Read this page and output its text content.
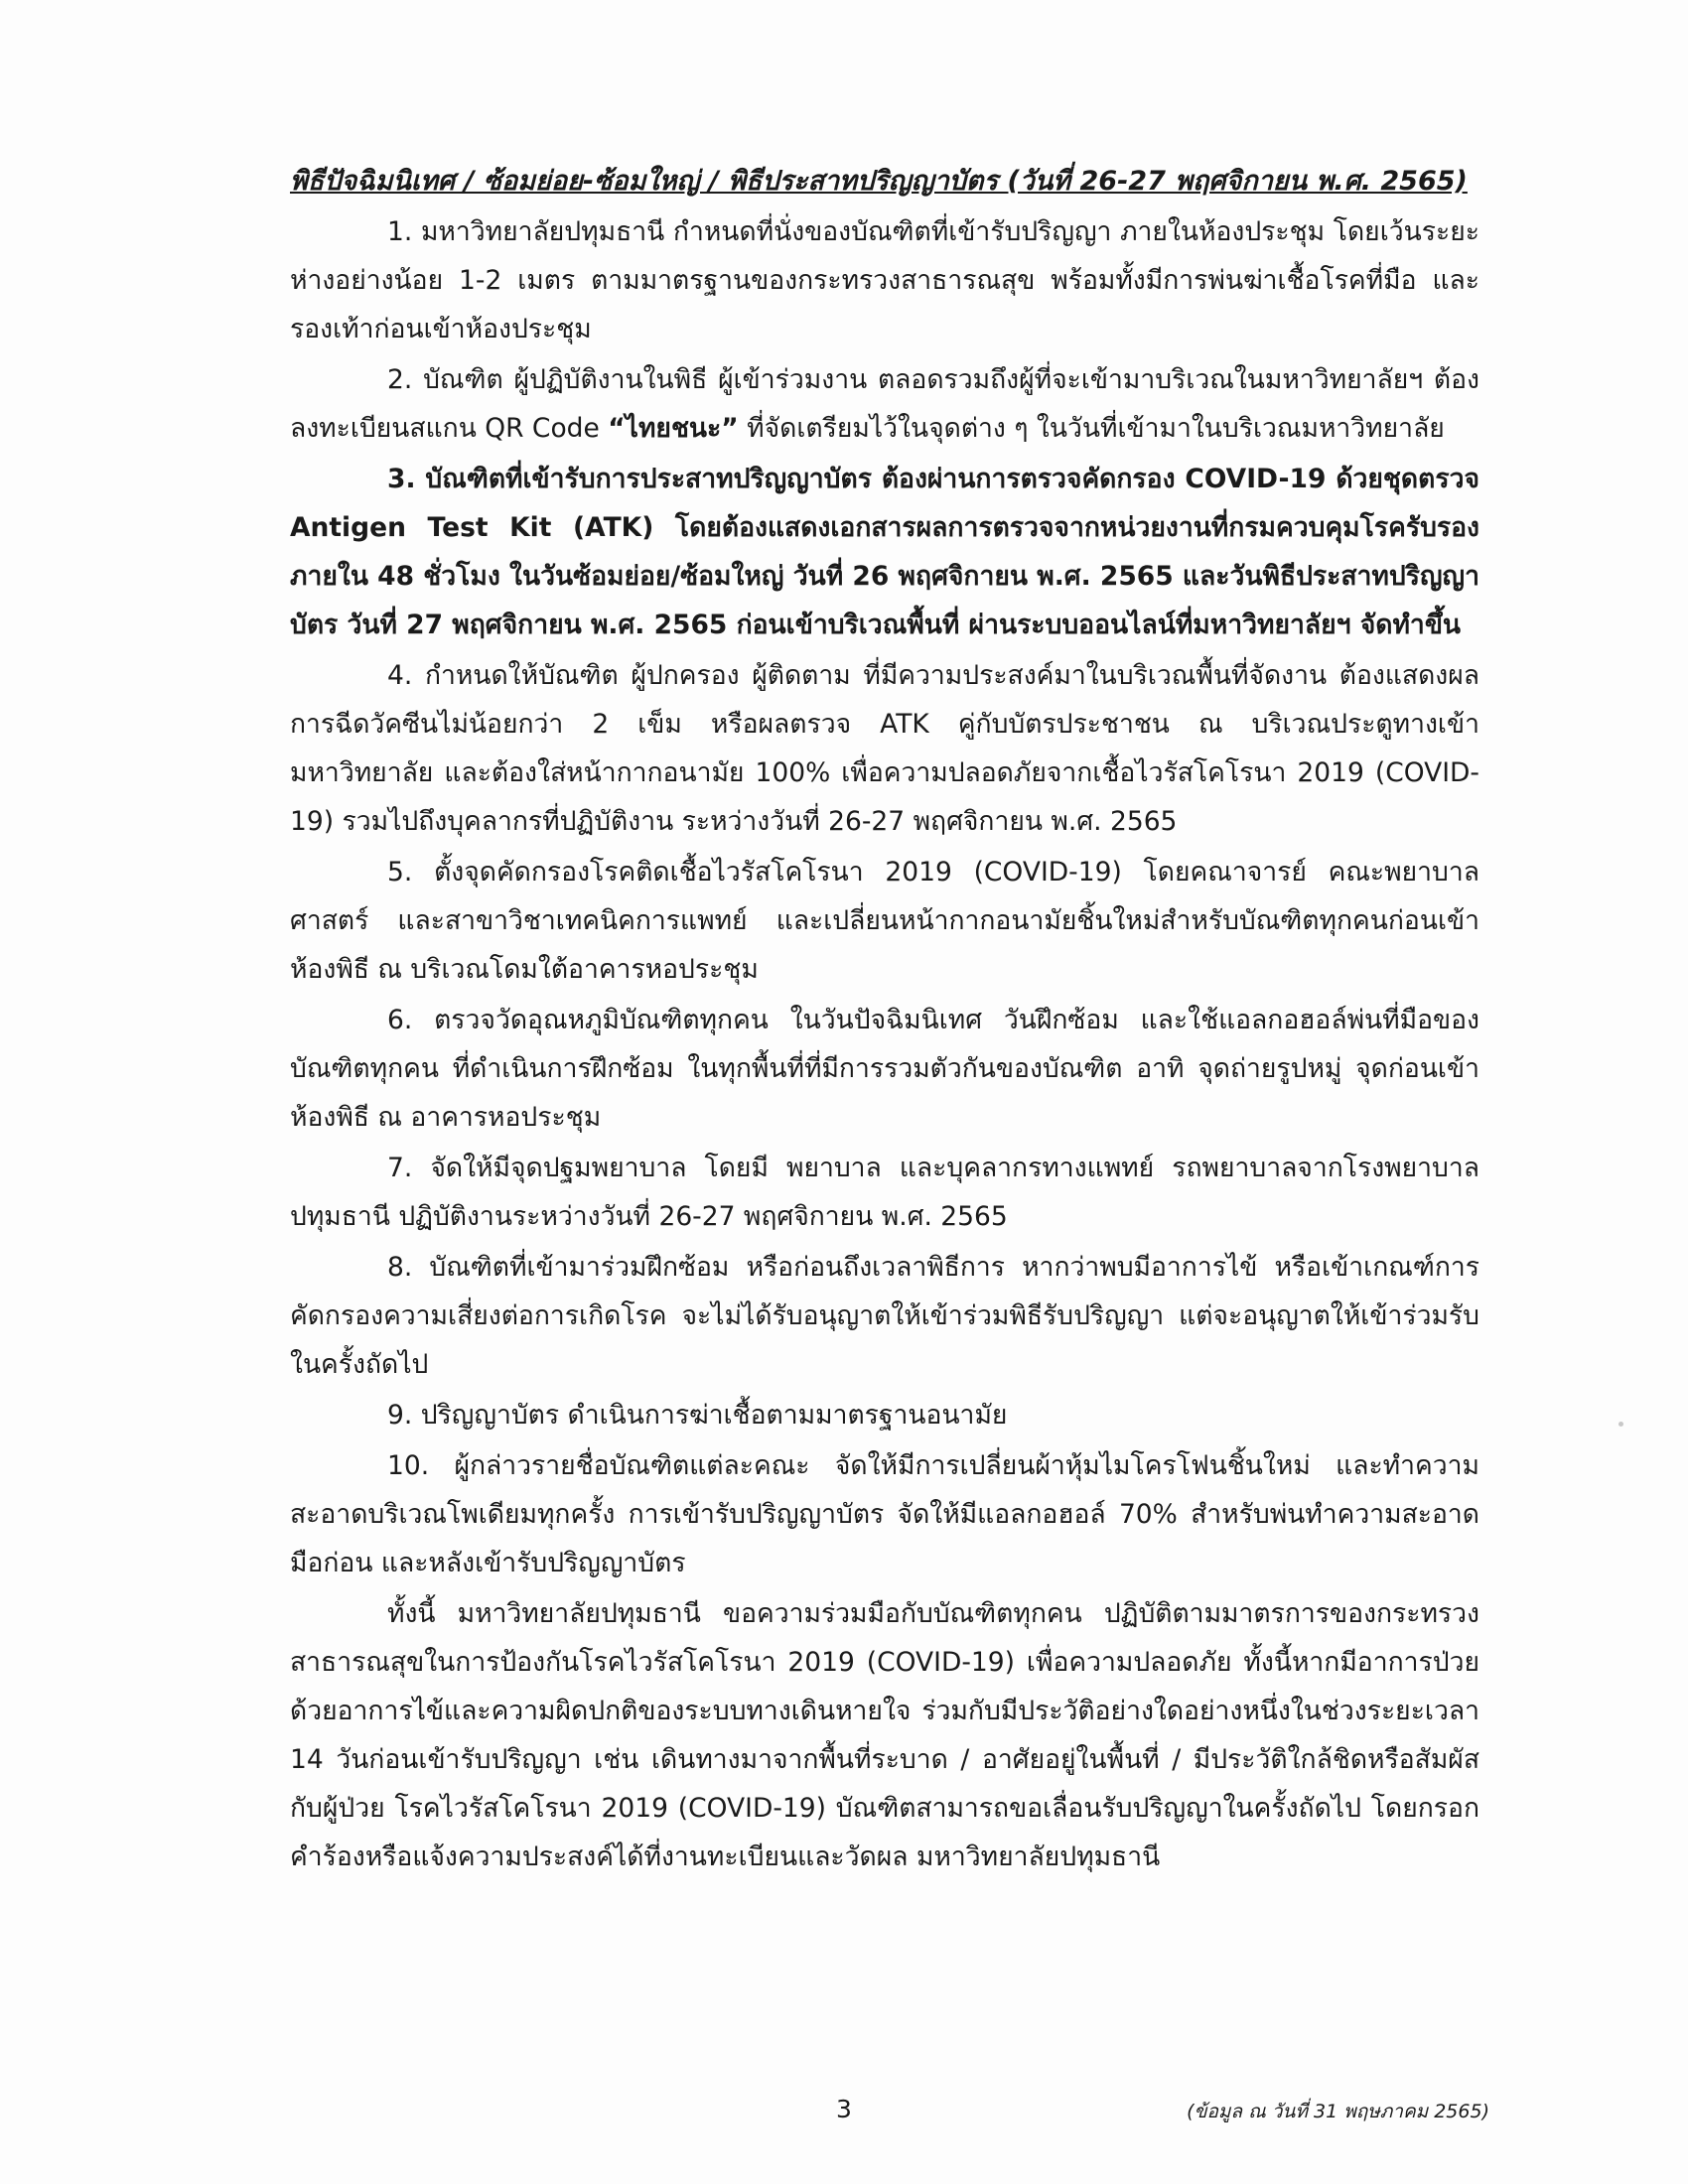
พิธีปัจฉิมนิเทศ / ซ้อมย่อย-ซ้อมใหญ่ / พิธีประสาทปริญญาบัตร (วันที่ 26-27 พฤศจิกายน พ.ศ. 2565)

1. มหาวิทยาลัยปทุมธานี กำหนดที่นั่งของบัณฑิตที่เข้ารับปริญญา ภายในห้องประชุม โดยเว้นระยะห่างอย่างน้อย 1-2 เมตร ตามมาตรฐานของกระทรวงสาธารณสุข พร้อมทั้งมีการพ่นฆ่าเชื้อโรคที่มือ และรองเท้าก่อนเข้าห้องประชุม

2. บัณฑิต ผู้ปฏิบัติงานในพิธี ผู้เข้าร่วมงาน ตลอดรวมถึงผู้ที่จะเข้ามาบริเวณในมหาวิทยาลัยฯ ต้องลงทะเบียนสแกน QR Code “ไทยชนะ” ที่จัดเตรียมไว้ในจุดต่าง ๆ ในวันที่เข้ามาในบริเวณมหาวิทยาลัย

3. บัณฑิตที่เข้ารับการประสาทปริญญาบัตร ต้องผ่านการตรวจคัดกรอง COVID-19 ด้วยชุดตรวจ Antigen Test Kit (ATK) โดยต้องแสดงเอกสารผลการตรวจจากหน่วยงานที่กรมควบคุมโรครับรองภายใน 48 ชั่วโมง ในวันซ้อมย่อย/ซ้อมใหญ่ วันที่ 26 พฤศจิกายน พ.ศ. 2565 และวันพิธีประสาทปริญญาบัตร วันที่ 27 พฤศจิกายน พ.ศ. 2565 ก่อนเข้าบริเวณพื้นที่ ผ่านระบบออนไลน์ที่มหาวิทยาลัยฯ จัดทำขึ้น

4. กำหนดให้บัณฑิต ผู้ปกครอง ผู้ติดตาม ที่มีความประสงค์มาในบริเวณพื้นที่จัดงาน ต้องแสดงผลการฉีดวัคซีนไม่น้อยกว่า 2 เข็ม หรือผลตรวจ ATK คู่กับบัตรประชาชน ณ บริเวณประตูทางเข้ามหาวิทยาลัย และต้องใส่หน้ากากอนามัย 100% เพื่อความปลอดภัยจากเชื้อไวรัสโคโรนา 2019 (COVID-19) รวมไปถึงบุคลากรที่ปฏิบัติงาน ระหว่างวันที่ 26-27 พฤศจิกายน พ.ศ. 2565

5. ตั้งจุดคัดกรองโรคติดเชื้อไวรัสโคโรนา 2019 (COVID-19) โดยคณาจารย์ คณะพยาบาลศาสตร์ และสาขาวิชาเทคนิคการแพทย์ และเปลี่ยนหน้ากากอนามัยชิ้นใหม่สำหรับบัณฑิตทุกคนก่อนเข้าห้องพิธี ณ บริเวณโดมใต้อาคารหอประชุม

6. ตรวจวัดอุณหภูมิบัณฑิตทุกคน ในวันปัจฉิมนิเทศ วันฝึกซ้อม และใช้แอลกอฮอล์พ่นที่มือของบัณฑิตทุกคน ที่ดำเนินการฝึกซ้อม ในทุกพื้นที่ที่มีการรวมตัวกันของบัณฑิต อาทิ จุดถ่ายรูปหมู่ จุดก่อนเข้าห้องพิธี ณ อาคารหอประชุม

7. จัดให้มีจุดปฐมพยาบาล โดยมี พยาบาล และบุคลากรทางแพทย์ รถพยาบาลจากโรงพยาบาลปทุมธานี ปฏิบัติงานระหว่างวันที่ 26-27 พฤศจิกายน พ.ศ. 2565

8. บัณฑิตที่เข้ามาร่วมฝึกซ้อม หรือก่อนถึงเวลาพิธีการ หากว่าพบมีอาการไข้ หรือเข้าเกณฑ์การคัดกรองความเสี่ยงต่อการเกิดโรค จะไม่ได้รับอนุญาตให้เข้าร่วมพิธีรับปริญญา แต่จะอนุญาตให้เข้าร่วมรับในครั้งถัดไป

9. ปริญญาบัตร ดำเนินการฆ่าเชื้อตามมาตรฐานอนามัย

10. ผู้กล่าวรายชื่อบัณฑิตแต่ละคณะ จัดให้มีการเปลี่ยนผ้าหุ้มไมโครโฟนชิ้นใหม่ และทำความสะอาดบริเวณโพเดียมทุกครั้ง การเข้ารับปริญญาบัตร จัดให้มีแอลกอฮอล์ 70% สำหรับพ่นทำความสะอาดมือก่อน และหลังเข้ารับปริญญาบัตร

ทั้งนี้ มหาวิทยาลัยปทุมธานี ขอความร่วมมือกับบัณฑิตทุกคน ปฏิบัติตามมาตรการของกระทรวงสาธารณสุขในการป้องกันโรคไวรัสโคโรนา 2019 (COVID-19) เพื่อความปลอดภัย ทั้งนี้หากมีอาการป่วยด้วยอาการไข้และความผิดปกติของระบบทางเดินหายใจ ร่วมกับมีประวัติอย่างใดอย่างหนึ่งในช่วงระยะเวลา 14 วันก่อนเข้ารับปริญญา เช่น เดินทางมาจากพื้นที่ระบาด / อาศัยอยู่ในพื้นที่ / มีประวัติใกล้ชิดหรือสัมผัสกับผู้ป่วย โรคไวรัสโคโรนา 2019 (COVID-19) บัณฑิตสามารถขอเลื่อนรับปริญญาในครั้งถัดไป โดยกรอกคำร้องหรือแจ้งความประสงค์ได้ที่งานทะเบียนและวัดผล มหาวิทยาลัยปทุมธานี

3	(ข้อมูล ณ วันที่ 31 พฤษภาคม 2565)
